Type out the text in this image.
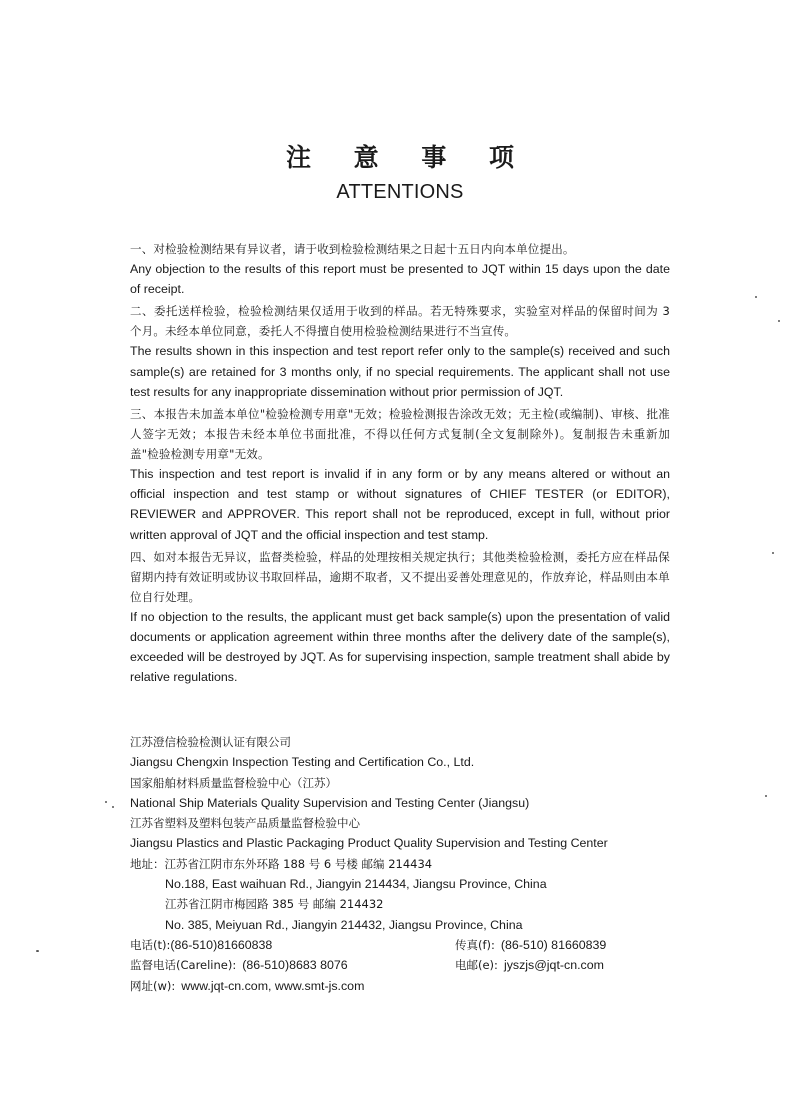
注 意 事 项
ATTENTIONS

一、对检验检测结果有异议者，请于收到检验检测结果之日起十五日内向本单位提出。

Any objection to the results of this report must be presented to JQT within 15 days upon the date of receipt.

二、委托送样检验，检验检测结果仅适用于收到的样品。若无特殊要求，实验室对样品的保留时间为 3 个月。未经本单位同意，委托人不得擅自使用检验检测结果进行不当宣传。

The results shown in this inspection and test report refer only to the sample(s) received and such sample(s) are retained for 3 months only, if no special requirements. The applicant shall not use test results for any inappropriate dissemination without prior permission of JQT.

三、本报告未加盖本单位"检验检测专用章"无效；检验检测报告涂改无效；无主检(或编制)、审核、批准人签字无效；本报告未经本单位书面批准，不得以任何方式复制(全文复制除外)。复制报告未重新加盖"检验检测专用章"无效。

This inspection and test report is invalid if in any form or by any means altered or without an official inspection and test stamp or without signatures of CHIEF TESTER (or EDITOR), REVIEWER and APPROVER. This report shall not be reproduced, except in full, without prior written approval of JQT and the official inspection and test stamp.

四、如对本报告无异议，监督类检验，样品的处理按相关规定执行；其他类检验检测，委托方应在样品保留期内持有效证明或协议书取回样品，逾期不取者，又不提出妥善处理意见的，作放弃论，样品则由本单位自行处理。

If no objection to the results, the applicant must get back sample(s) upon the presentation of valid documents or application agreement within three months after the delivery date of the sample(s), exceeded will be destroyed by JQT. As for supervising inspection, sample treatment shall abide by relative regulations.

江苏澄信检验检测认证有限公司
Jiangsu Chengxin Inspection Testing and Certification Co., Ltd.
国家船舶材料质量监督检验中心（江苏）
National Ship Materials Quality Supervision and Testing Center (Jiangsu)
江苏省塑料及塑料包装产品质量监督检验中心
Jiangsu Plastics and Plastic Packaging Product Quality Supervision and Testing Center
地址：江苏省江阴市东外环路 188 号 6 号楼 邮编 214434
No.188, East waihuan Rd., Jiangyin 214434, Jiangsu Province, China
江苏省江阴市梅园路 385 号 邮编 214432
No. 385, Meiyuan Rd., Jiangyin 214432, Jiangsu Province, China
电话(t):(86-510)81660838	传真(f): (86-510) 81660839
监督电话(Careline): (86-510)8683 8076	电邮(e): jyszjs@jqt-cn.com
网址(w): www.jqt-cn.com, www.smt-js.com
